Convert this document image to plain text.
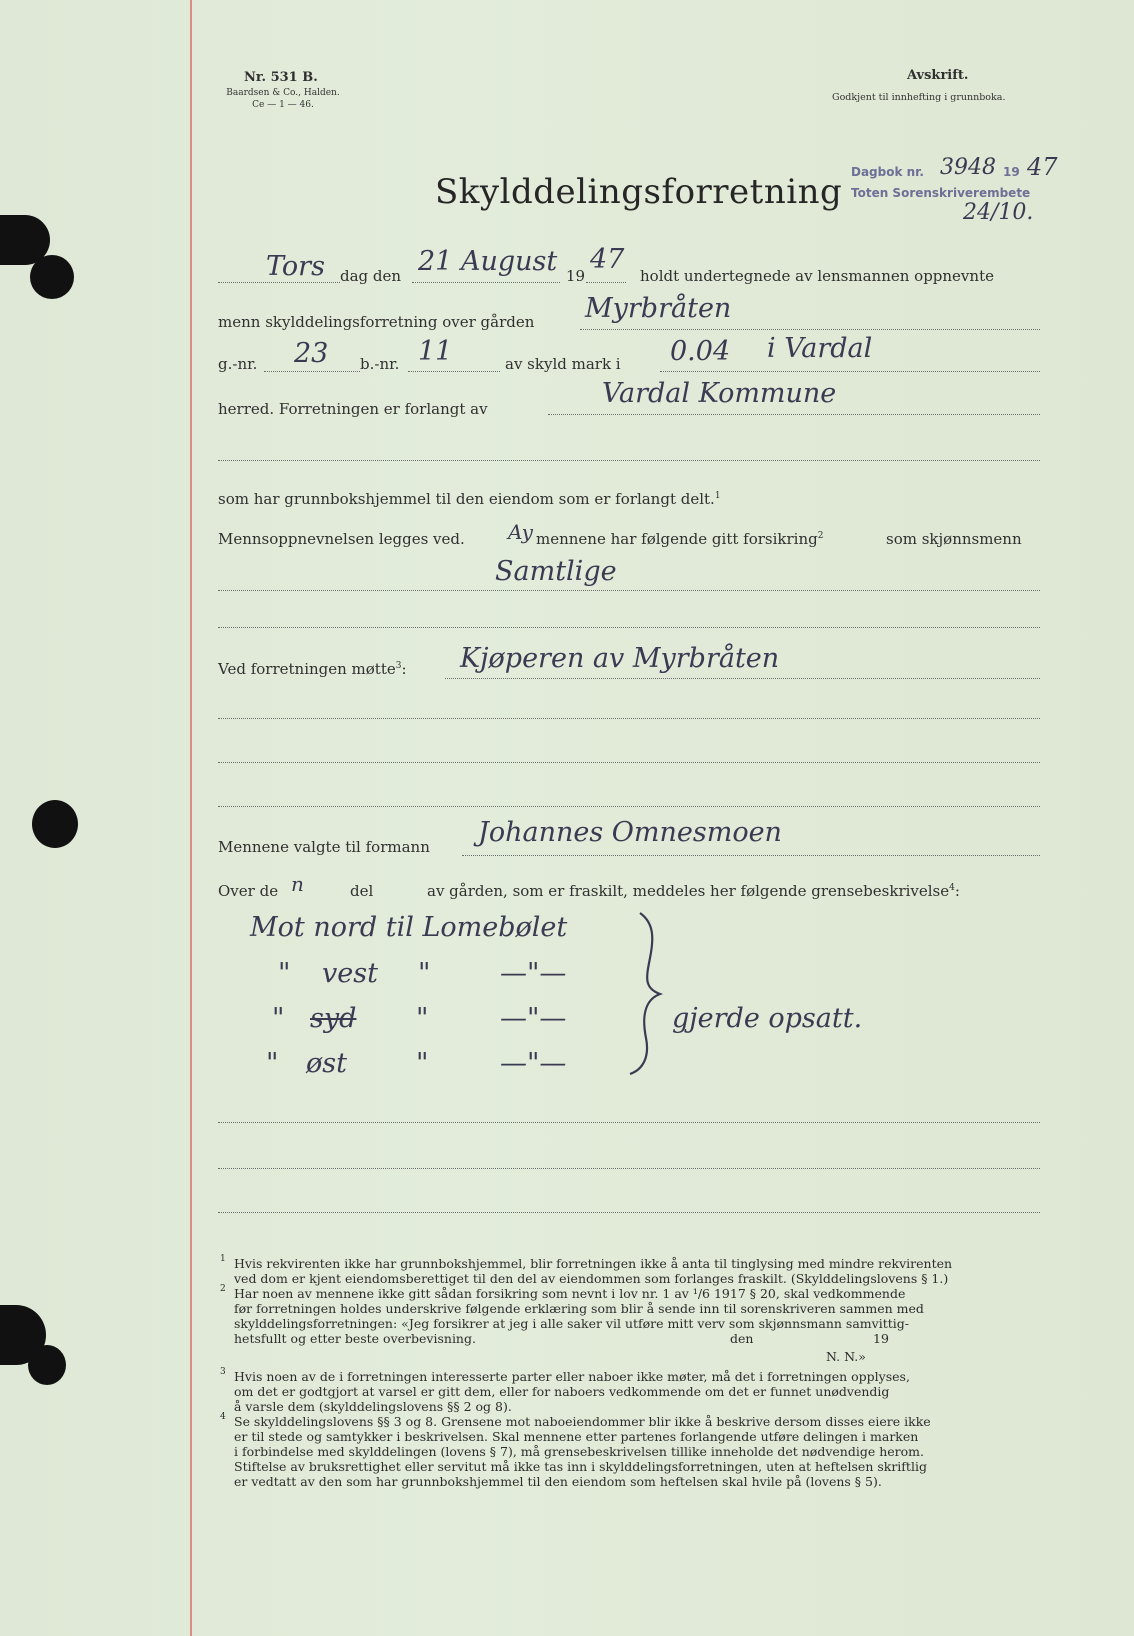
Nr. 531 B.
Baardsen & Co., Halden.
Ce — 1 — 46.
Avskrift.
Godkjent til innhefting i grunnboka.
Dagbok nr. 3948 19 47
Toten Sorenskriverembete
24/10.
Skylddelingsforretning
Tors dag den 21 August 19
47
holdt undertegnede av lensmannen oppnevnte
menn skylddelingsforretning over gården Myrbråten
g.-nr. 23 b.-nr. 11	av skyld mark i 0.04 i Vardal
herred. Forretningen er forlangt av	Vardal Kommune
som har grunnbokshjemmel til den eiendom som er forlangt delt.$^1$
Mennsoppnevnelsen legges ved. Ay mennene har følgende gitt forsikring$^2$	som skjønnsmenn
Samtlige
Ved forretningen møtte$^3$: Kjøperen av Myrbråten
Mennene valgte til formann Johannes Omnesmoen
Over de n	del	av gården, som er fraskilt, meddeles her følgende grensebeskrivelse$^4$:
Mot nord til Lomebølet
" vest "	—"—
" syd "	—"—
" øst	"	—"—
gjerde opsatt.
1 Hvis rekvirenten ikke har grunnbokshjemmel, blir forretningen ikke å anta til tinglysing med mindre rekvirenten
ved dom er kjent eiendomsberettiget til den del av eiendommen som forlanges fraskilt. (Skylddelingslovens § 1.)
2 Har noen av mennene ikke gitt sådan forsikring som nevnt i lov nr. 1 av ¹/6 1917 § 20, skal vedkommende
før forretningen holdes underskrive følgende erklæring som blir å sende inn til sorenskriveren sammen med
skylddelingsforretningen: «Jeg forsikrer at jeg i alle saker vil utføre mitt verv som skjønnsmann samvittig-
hetsfullt og etter beste overbevisning.	den	19
N. N.»
3 Hvis noen av de i forretningen interesserte parter eller naboer ikke møter, må det i forretningen opplyses,
om det er godtgjort at varsel er gitt dem, eller for naboers vedkommende om det er funnet unødvendig
å varsle dem (skylddelingslovens §§ 2 og 8).
4 Se skylddelingslovens §§ 3 og 8. Grensene mot naboeiendommer blir ikke å beskrive dersom disses eiere ikke
er til stede og samtykker i beskrivelsen. Skal mennene etter partenes forlangende utføre delingen i marken
i forbindelse med skylddelingen (lovens § 7), må grensebeskrivelsen tillike inneholde det nødvendige herom.
Stiftelse av bruksrettighet eller servitut må ikke tas inn i skylddelingsforretningen, uten at heftelsen skriftlig
er vedtatt av den som har grunnbokshjemmel til den eiendom som heftelsen skal hvile på (lovens § 5).
